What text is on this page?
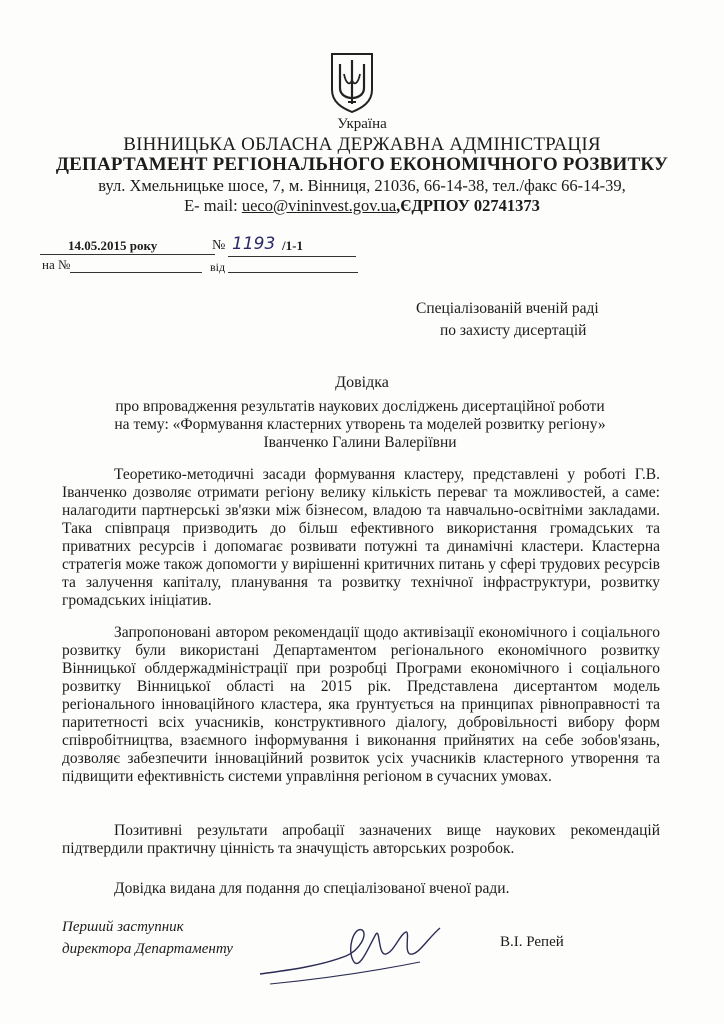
Україна
ВІННИЦЬКА ОБЛАСНА ДЕРЖАВНА АДМІНІСТРАЦІЯ
ДЕПАРТАМЕНТ РЕГІОНАЛЬНОГО ЕКОНОМІЧНОГО РОЗВИТКУ
вул. Хмельницьке шосе, 7, м. Вінниця, 21036, 66-14-38, тел./факс 66-14-39,
E- mail: ueco@vininvest.gov.ua,ЄДРПОУ 02741373
14.05.2015 року	№ 1193 /1-1
на №	від
Спеціалізованій вченій раді
по захисту дисертацій
Довідка
про впровадження результатів наукових досліджень дисертаційної роботи
на тему: «Формування кластерних утворень та моделей розвитку регіону»
Іванченко Галини Валеріївни
Теоретико-методичні засади формування кластеру, представлені у роботі Г.В. Іванченко дозволяє отримати регіону велику кількість переваг та можливостей, а саме: налагодити партнерські зв'язки між бізнесом, владою та навчально-освітніми закладами. Така співпраця призводить до більш ефективного використання громадських та приватних ресурсів і допомагає розвивати потужні та динамічні кластери. Кластерна стратегія може також допомогти у вирішенні критичних питань у сфері трудових ресурсів та залучення капіталу, планування та розвитку технічної інфраструктури, розвитку громадських ініціатив.
Запропоновані автором рекомендації щодо активізації економічного і соціального розвитку були використані Департаментом регіонального економічного розвитку Вінницької облдержадміністрації при розробці Програми економічного і соціального розвитку Вінницької області на 2015 рік. Представлена дисертантом модель регіонального інноваційного кластера, яка ґрунтується на принципах рівноправності та паритетності всіх учасників, конструктивного діалогу, добровільності вибору форм співробітництва, взаємного інформування і виконання прийнятих на себе зобов'язань, дозволяє забезпечити інноваційний розвиток усіх учасників кластерного утворення та підвищити ефективність системи управління регіоном в сучасних умовах.
Позитивні результати апробації зазначених вище наукових рекомендацій підтвердили практичну цінність та значущість авторських розробок.
Довідка видана для подання до спеціалізованої вченої ради.
Перший заступник
директора Департаменту	В.І. Репей
